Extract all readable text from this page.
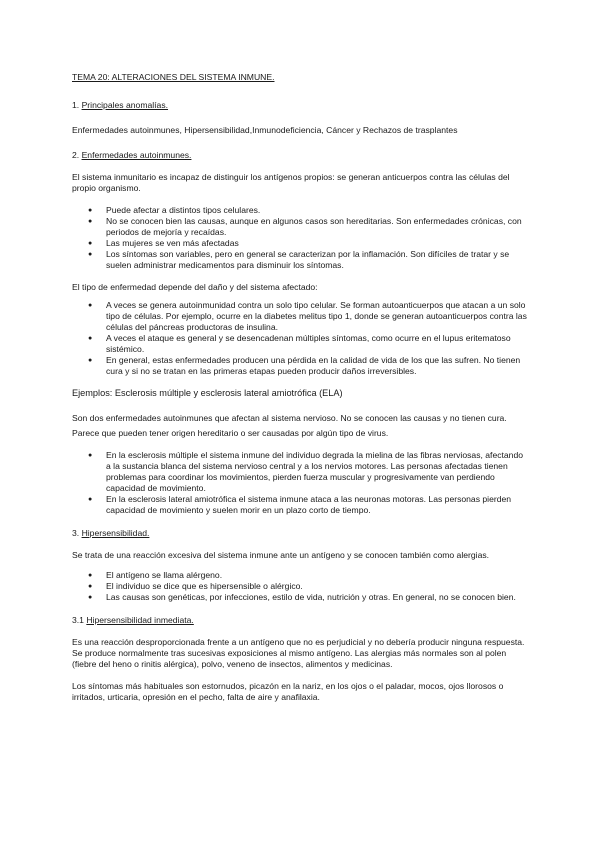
TEMA 20: ALTERACIONES DEL SISTEMA INMUNE.

1. Principales anomalías.

Enfermedades autoinmunes, Hipersensibilidad,Inmunodeficiencia, Cáncer y Rechazos de trasplantes

2. Enfermedades autoinmunes.

El sistema inmunitario es incapaz de distinguir los antígenos propios: se generan anticuerpos contra las células del propio organismo.

● Puede afectar a distintos tipos celulares.
● No se conocen bien las causas, aunque en algunos casos son hereditarias. Son enfermedades crónicas, con periodos de mejoría y recaídas.
● Las mujeres se ven más afectadas
● Los síntomas son variables, pero en general se caracterizan por la inflamación. Son difíciles de tratar y se suelen administrar medicamentos para disminuir los síntomas.

El tipo de enfermedad depende del daño y del sistema afectado:

● A veces se genera autoinmunidad contra un solo tipo celular. Se forman autoanticuerpos que atacan a un solo tipo de células. Por ejemplo, ocurre en la diabetes melitus tipo 1, donde se generan autoanticuerpos contra las células del páncreas productoras de insulina.
● A veces el ataque es general y se desencadenan múltiples síntomas, como ocurre en el lupus eritematoso sistémico.
● En general, estas enfermedades producen una pérdida en la calidad de vida de los que las sufren. No tienen cura y si no se tratan en las primeras etapas pueden producir daños irreversibles.

Ejemplos: Esclerosis múltiple y esclerosis lateral amiotrófica (ELA)

Son dos enfermedades autoinmunes que afectan al sistema nervioso. No se conocen las causas y no tienen cura. Parece que pueden tener origen hereditario o ser causadas por algún tipo de virus.

● En la esclerosis múltiple el sistema inmune del individuo degrada la mielina de las fibras nerviosas, afectando a la sustancia blanca del sistema nervioso central y a los nervios motores. Las personas afectadas tienen problemas para coordinar los movimientos, pierden fuerza muscular y progresivamente van perdiendo capacidad de movimiento.
● En la esclerosis lateral amiotrófica el sistema inmune ataca a las neuronas motoras. Las personas pierden capacidad de movimiento y suelen morir en un plazo corto de tiempo.

3. Hipersensibilidad.

Se trata de una reacción excesiva del sistema inmune ante un antígeno y se conocen también como alergias.

● El antígeno se llama alérgeno.
● El individuo se dice que es hipersensible o alérgico.
● Las causas son genéticas, por infecciones, estilo de vida, nutrición y otras. En general, no se conocen bien.

3.1 Hipersensibilidad inmediata.

Es una reacción desproporcionada frente a un antígeno que no es perjudicial y no debería producir ninguna respuesta. Se produce normalmente tras sucesivas exposiciones al mismo antígeno. Las alergias más normales son al polen (fiebre del heno o rinitis alérgica), polvo, veneno de insectos, alimentos y medicinas.

Los síntomas más habituales son estornudos, picazón en la nariz, en los ojos o el paladar, mocos, ojos llorosos o irritados, urticaria, opresión en el pecho, falta de aire y anafilaxia.
